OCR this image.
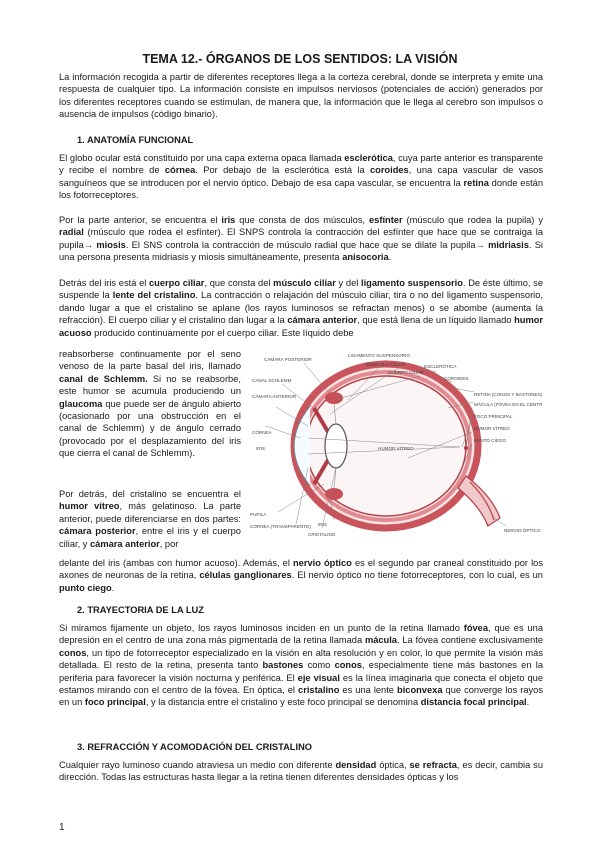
TEMA 12.- ÓRGANOS DE LOS SENTIDOS: LA VISIÓN

La información recogida a partir de diferentes receptores llega a la corteza cerebral, donde se interpreta y emite una respuesta de cualquier tipo. La información consiste en impulsos nerviosos (potenciales de acción) generados por los diferentes receptores cuando se estimulan, de manera que, la información que le llega al cerebro son impulsos o ausencia de impulsos (código binario).

1. ANATOMÍA FUNCIONAL

El globo ocular está constituido por una capa externa opaca llamada esclerótica, cuya parte anterior es transparente y recibe el nombre de córnea. Por debajo de la esclerótica está la coroides, una capa vascular de vasos sanguíneos que se introducen por el nervio óptico. Debajo de esa capa vascular, se encuentra la retina donde están los fotorreceptores.

Por la parte anterior, se encuentra el iris que consta de dos músculos, esfínter (músculo que rodea la pupila) y radial (músculo que rodea el esfínter). El SNPS controla la contracción del esfínter que hace que se contraiga la pupila→ miosis. El SNS controla la contracción de músculo radial que hace que se dilate la pupila→ midriasis. Si una persona presenta midriasis y miosis simultáneamente, presenta anisocoria.

Detrás del iris está el cuerpo ciliar, que consta del músculo ciliar y del ligamento suspensorio. De éste último, se suspende la lente del cristalino. La contracción o relajación del músculo ciliar, tira o no del ligamento suspensorio, dando lugar a que el cristalino se aplane (los rayos luminosos se refractan menos) o se abombe (aumenta la refracción). El cuerpo ciliar y el cristalino dan lugar a la cámara anterior, que está llena de un líquido llamado humor acuoso producido continuamente por el cuerpo ciliar. Este líquido debe

reabsorberse continuamente por el seno venoso de la parte basal del iris, llamado canal de Schlemm. Si no se reabsorbe, este humor se acumula produciendo un glaucoma que puede ser de ángulo abierto (ocasionado por una obstrucción en el canal de Schlemm) y de ángulo cerrado (provocado por el desplazamiento del iris que cierra el canal de Schlemm).

Por detrás, del cristalino se encuentra el humor vítreo, más gelatinoso. La parte anterior, puede diferenciarse en dos partes: cámara posterior, entre el iris y el cuerpo ciliar, y cámara anterior, por

delante del iris (ambas con humor acuoso). Además, el nervio óptico es el segundo par craneal constituido por los axones de neuronas de la retina, células ganglionares. El nervio óptico no tiene fotorreceptores, con lo cual, es un punto ciego.

CÁMARA POSTERIOR
CANAL SCHLEMM
CÁMARA ANTERIOR
CÓRNEA
IRIS
LIGAMENTO SUSPENSORIO
MÚSCULO CILIAR
CUERPO CILIAR
HUMOR VÍTREO
ESCLERÓTICA
COROIDES
RETINA (CONOS Y BASTONES)
MÁCULA (FÓVEA EN EL CENTRO)
FOCO PRINCIPAL
HUMOR VÍTREO
PUNTO CIEGO
NERVIO ÓPTICO
PUPILA
CÓRNEA (TRANSPARENTE)
CRISTALINO
IRIS
2. TRAYECTORIA DE LA LUZ

Si miramos fijamente un objeto, los rayos luminosos inciden en un punto de la retina llamado fóvea, que es una depresión en el centro de una zona más pigmentada de la retina llamada mácula. La fóvea contiene exclusivamente conos, un tipo de fotorreceptor especializado en la visión en alta resolución y en color, lo que permite la visión más detallada. El resto de la retina, presenta tanto bastones como conos, especialmente tiene más bastones en la periferia para favorecer la visión nocturna y periférica. El eje visual es la línea imaginaria que conecta el objeto que estamos mirando con el centro de la fóvea. En óptica, el cristalino es una lente biconvexa que converge los rayos en un foco principal, y la distancia entre el cristalino y este foco principal se denomina distancia focal principal.

3. REFRACCIÓN Y ACOMODACIÓN DEL CRISTALINO

Cualquier rayo luminoso cuando atraviesa un medio con diferente densidad óptica, se refracta, es decir, cambia su dirección. Todas las estructuras hasta llegar a la retina tienen diferentes densidades ópticas y los

1
